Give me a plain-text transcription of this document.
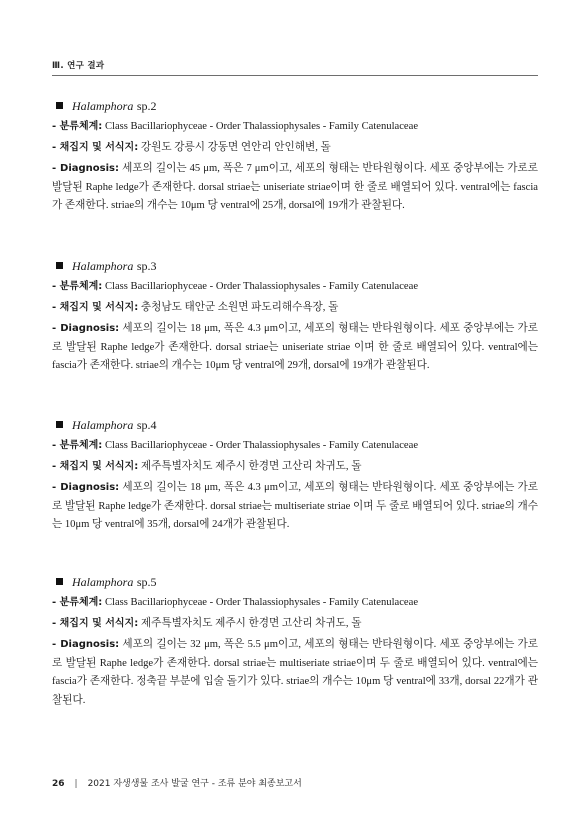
Ⅲ. 연구 결과
Halamphora sp.2
- 분류체계: Class Bacillariophyceae - Order Thalassiophysales - Family Catenulaceae
- 채집지 및 서식지: 강원도 강릉시 강동면 연안리 안인해변, 돌
- Diagnosis: 세포의 길이는 45 μm, 폭은 7 μm이고, 세포의 형태는 반타원형이다. 세포 중앙부에는 가로로 발달된 Raphe ledge가 존재한다. dorsal striae는 uniseriate striae이며 한 줄로 배열되어 있다. ventral에는 fascia가 존재한다. striae의 개수는 10μm 당 ventral에 25개, dorsal에 19개가 관찰된다.
Halamphora sp.3
- 분류체계: Class Bacillariophyceae - Order Thalassiophysales - Family Catenulaceae
- 채집지 및 서식지: 충청남도 태안군 소원면 파도리해수욕장, 돌
- Diagnosis: 세포의 길이는 18 μm, 폭은 4.3 μm이고, 세포의 형태는 반타원형이다. 세포 중앙부에는 가로로 발달된 Raphe ledge가 존재한다. dorsal striae는 uniseriate striae 이며 한 줄로 배열되어 있다. ventral에는 fascia가 존재한다. striae의 개수는 10μm 당 ventral에 29개, dorsal에 19개가 관찰된다.
Halamphora sp.4
- 분류체계: Class Bacillariophyceae - Order Thalassiophysales - Family Catenulaceae
- 채집지 및 서식지: 제주특별자치도 제주시 한경면 고산리 차귀도, 돌
- Diagnosis: 세포의 길이는 18 μm, 폭은 4.3 μm이고, 세포의 형태는 반타원형이다. 세포 중앙부에는 가로로 발달된 Raphe ledge가 존재한다. dorsal striae는 multiseriate striae 이며 두 줄로 배열되어 있다. striae의 개수는 10μm 당 ventral에 35개, dorsal에 24개가 관찰된다.
Halamphora sp.5
- 분류체계: Class Bacillariophyceae - Order Thalassiophysales - Family Catenulaceae
- 채집지 및 서식지: 제주특별자치도 제주시 한경면 고산리 차귀도, 돌
- Diagnosis: 세포의 길이는 32 μm, 폭은 5.5 μm이고, 세포의 형태는 반타원형이다. 세포 중앙부에는 가로로 발달된 Raphe ledge가 존재한다. dorsal striae는 multiseriate striae이며 두 줄로 배열되어 있다. ventral에는 fascia가 존재한다. 정축끝 부분에 입술 돌기가 있다. striae의 개수는 10μm 당 ventral에 33개, dorsal 22개가 관찰된다.
26 | 2021 자생생물 조사 발굴 연구 - 조류 분야 최종보고서
